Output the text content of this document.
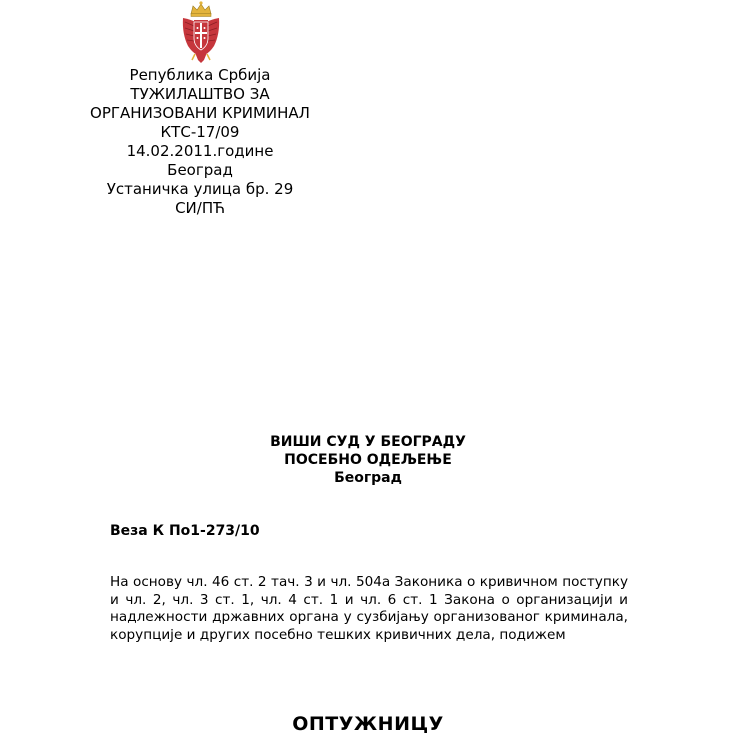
Република Србија
ТУЖИЛАШТВО ЗА
ОРГАНИЗОВАНИ КРИМИНАЛ
КТС-17/09
14.02.2011.године
Београд
Устаничка улица бр. 29
СИ/ПЋ
ВИШИ СУД У БЕОГРАДУ
ПОСЕБНО ОДЕЉЕЊЕ
Београд
Веза К По1-273/10
На основу чл. 46 ст. 2 тач. 3 и чл. 504а Законика о кривичном поступку и чл. 2, чл. 3 ст. 1, чл. 4 ст. 1 и чл. 6 ст. 1 Закона о организацији и надлежности државних органа у сузбијању организованог криминала, корупције и других посебно тешких кривичних дела, подижем
ОПТУЖНИЦУ
